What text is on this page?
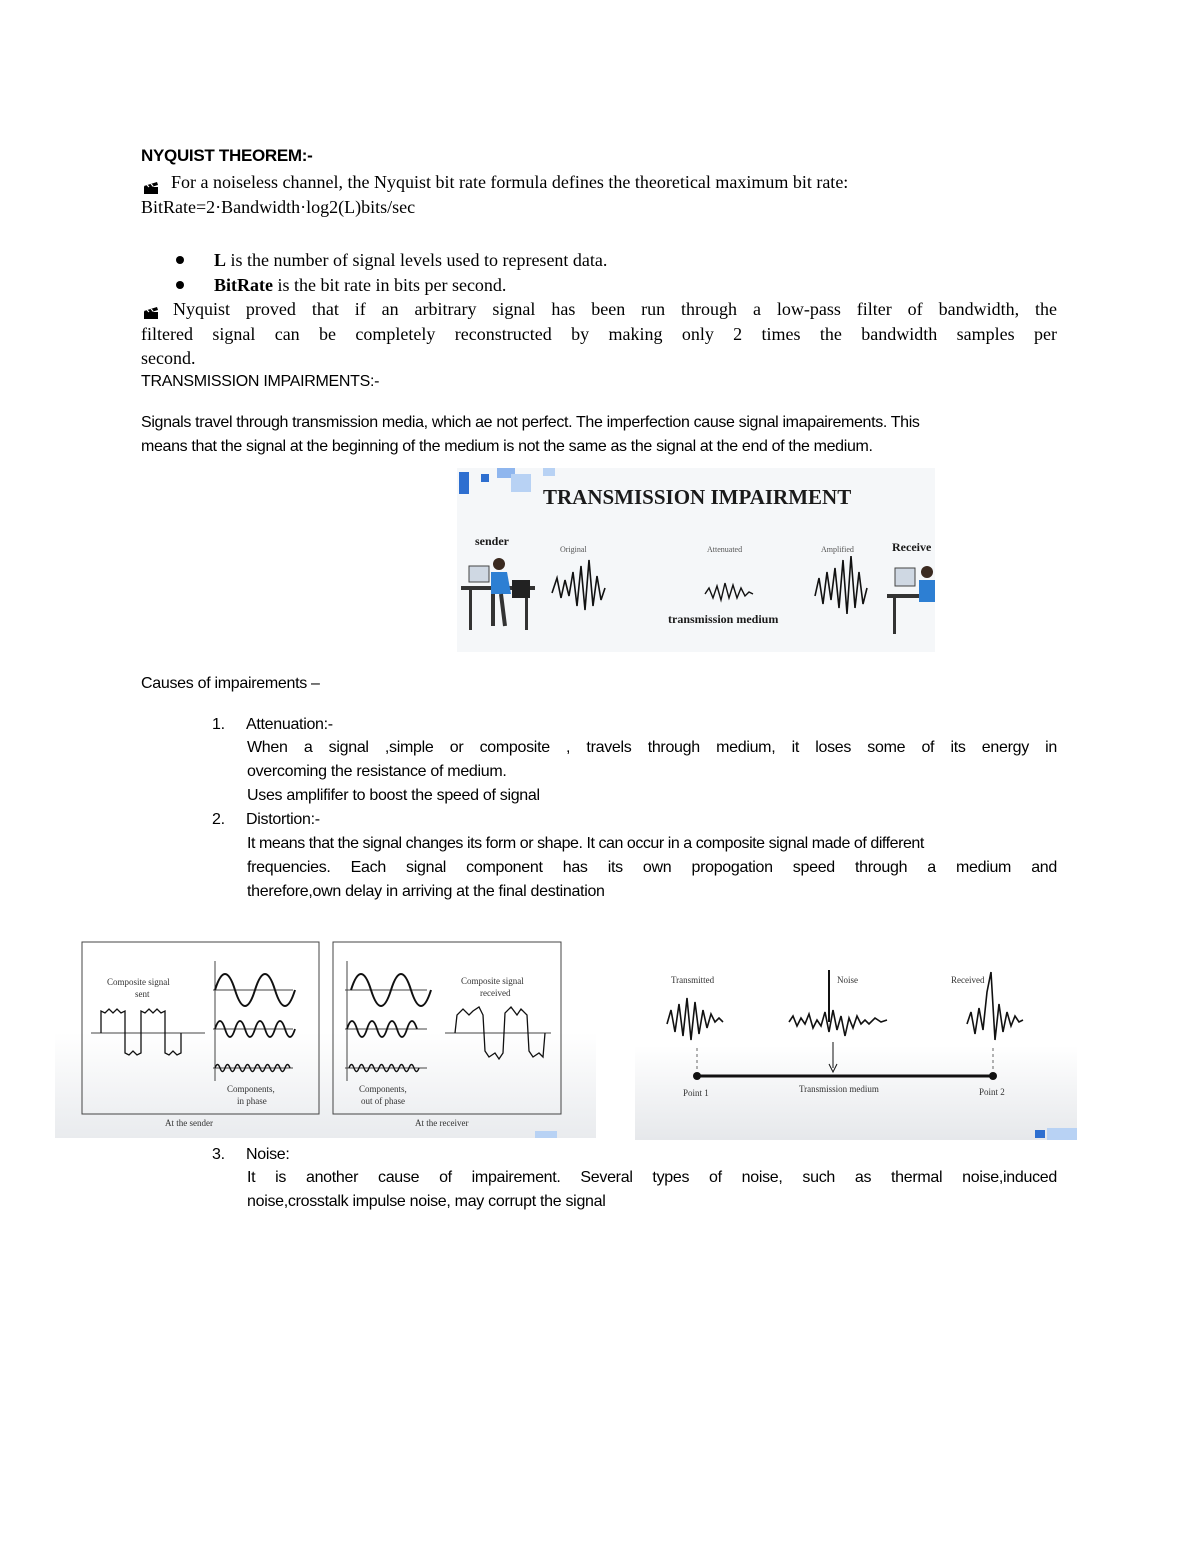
NYQUIST THEOREM:-
For a noiseless channel, the Nyquist bit rate formula defines the theoretical maximum bit rate:
BitRate=2·Bandwidth·log2(L)bits/sec
L is the number of signal levels used to represent data.
BitRate is the bit rate in bits per second.
Nyquist proved that if an arbitrary signal has been run through a low-pass filter of bandwidth, the
filtered signal can be completely reconstructed by making only 2 times the bandwidth samples per
second.
TRANSMISSION IMPAIRMENTS:-
Signals travel through transmission media, which ae not perfect. The imperfection cause signal imapairements. This
means that the signal at the beginning of the medium is not the same as the signal at the end of the medium.
TRANSMISSION IMPAIRMENT
sender	Receive
Original	Attenuated	Amplified
transmission medium
Causes of impairements –
1. Attenuation:-
When a signal ,simple or composite , travels through medium, it loses some of its energy in
overcoming the resistance of medium.
Uses amplififer to boost the speed of signal
2. Distortion:-
It means that the signal changes its form or shape. It can occur in a composite signal made of different
frequencies. Each signal component has its own propogation speed through a medium and
therefore,own delay in arriving at the final destination
Composite signal
sent
Composite signal
received
Components,
in phase
Components,
out of phase
At the sender	At the receiver
Transmitted	Noise	Received
Point 1	Point 2
Transmission medium
3. Noise:
It is another cause of impairement. Several types of noise, such as thermal noise,induced
noise,crosstalk impulse noise, may corrupt the signal
